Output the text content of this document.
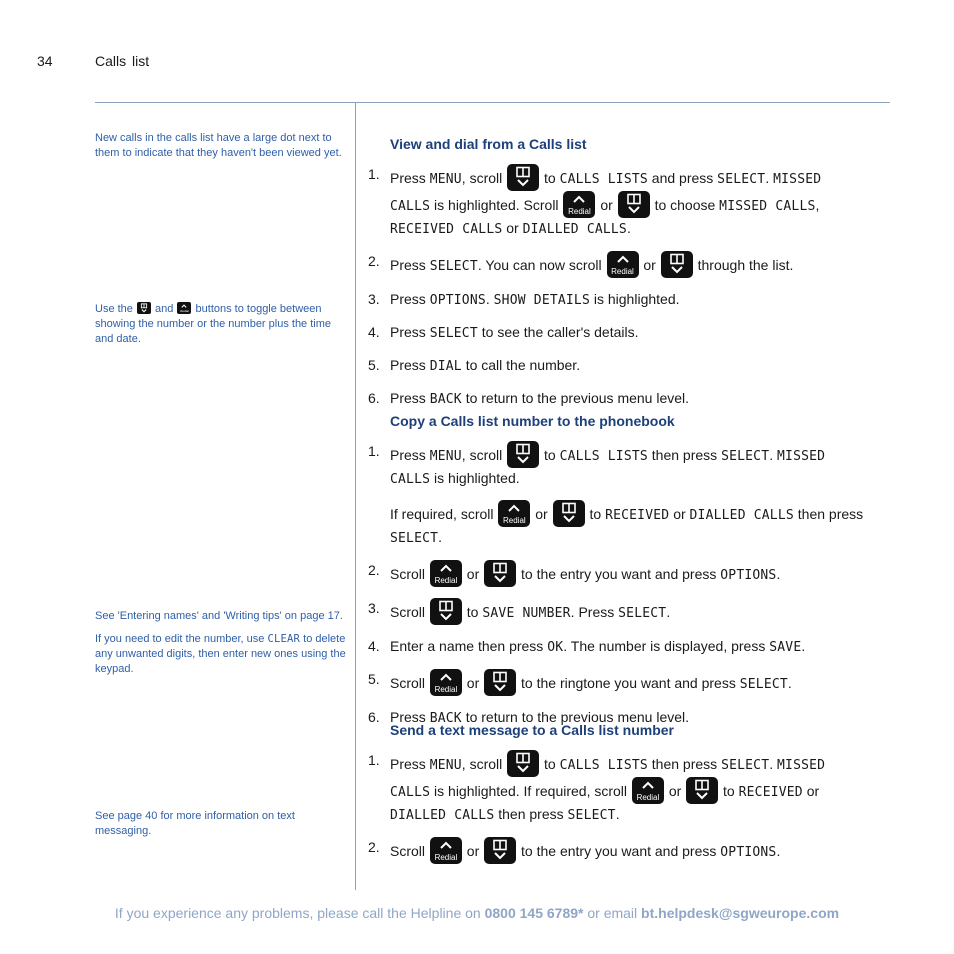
34	Calls list

New calls in the calls list have a large dot next to them to indicate that they haven't been viewed yet.

Use the and	Redial buttons to toggle between showing the number or the number plus the time and date.

See 'Entering names' and 'Writing tips' on page 17.

If you need to edit the number, use CLEAR to delete any unwanted digits, then enter new ones using the keypad.

See page 40 for more information on text messaging.

View and dial from a Calls list
1. Press MENU, scroll	to CALLS LISTS and press SELECT. MISSED CALLS is highlighted. Scroll	Redial or	to choose MISSED CALLS, RECEIVED CALLS or DIALLED CALLS.
2. Press SELECT. You can now scroll	Redial or	through the list.
3. Press OPTIONS. SHOW DETAILS is highlighted.
4. Press SELECT to see the caller's details.
5. Press DIAL to call the number.
6. Press BACK to return to the previous menu level.
Copy a Calls list number to the phonebook
1. Press MENU, scroll	to CALLS LISTS then press SELECT. MISSED CALLS is highlighted.
If required, scroll	Redial or	to RECEIVED or DIALLED CALLS then press SELECT.
2. Scroll	Redial or	to the entry you want and press OPTIONS.
3. Scroll	to SAVE NUMBER. Press SELECT.
4. Enter a name then press OK. The number is displayed, press SAVE.
5. Scroll	Redial or	to the ringtone you want and press SELECT.
6. Press BACK to return to the previous menu level.
Send a text message to a Calls list number
1. Press MENU, scroll	to CALLS LISTS then press SELECT. MISSED CALLS is highlighted. If required, scroll	Redial or	to RECEIVED or DIALLED CALLS then press SELECT.
2. Scroll	Redial or	to the entry you want and press OPTIONS.
If you experience any problems, please call the Helpline on 0800 145 6789* or email bt.helpdesk@sgweurope.com
